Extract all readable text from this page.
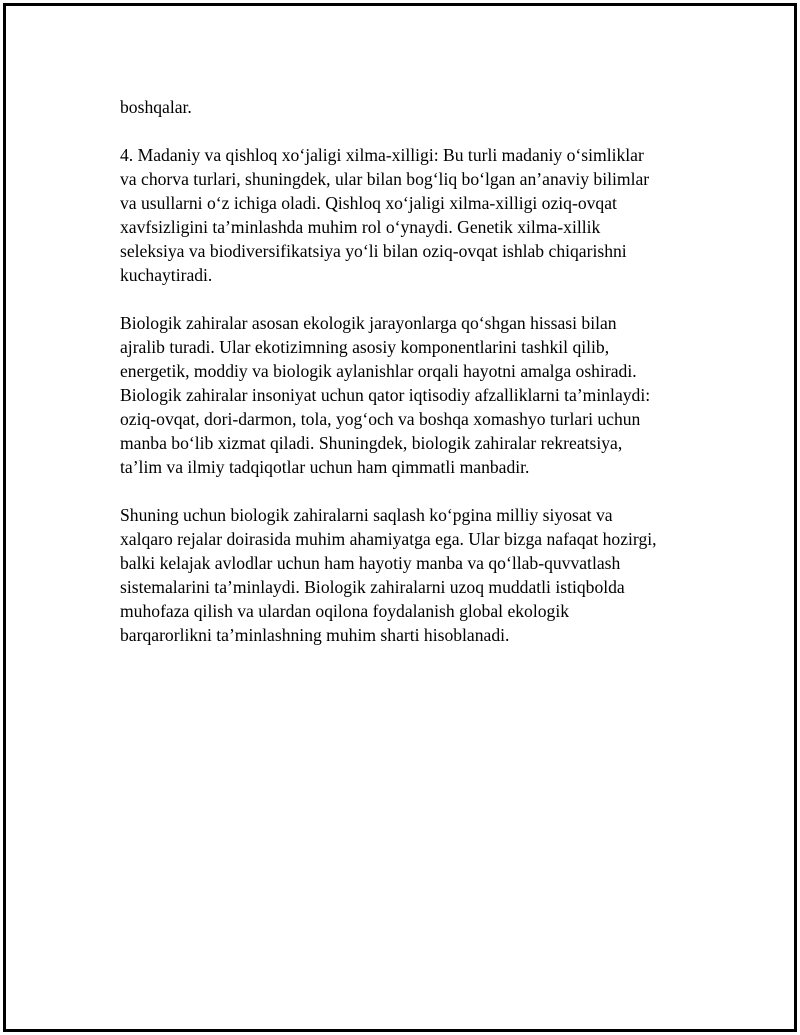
boshqalar.
4. Madaniy va qishloq xo‘jaligi xilma-xilligi: Bu turli madaniy o‘simliklar
va chorva turlari, shuningdek, ular bilan bog‘liq bo‘lgan an’anaviy bilimlar
va usullarni o‘z ichiga oladi. Qishloq xo‘jaligi xilma-xilligi oziq-ovqat
xavfsizligini ta’minlashda muhim rol o‘ynaydi. Genetik xilma-xillik
seleksiya va biodiversifikatsiya yo‘li bilan oziq-ovqat ishlab chiqarishni
kuchaytiradi.
Biologik zahiralar asosan ekologik jarayonlarga qo‘shgan hissasi bilan
ajralib turadi. Ular ekotizimning asosiy komponentlarini tashkil qilib,
energetik, moddiy va biologik aylanishlar orqali hayotni amalga oshiradi.
Biologik zahiralar insoniyat uchun qator iqtisodiy afzalliklarni ta’minlaydi:
oziq-ovqat, dori-darmon, tola, yog‘och va boshqa xomashyo turlari uchun
manba bo‘lib xizmat qiladi. Shuningdek, biologik zahiralar rekreatsiya,
ta’lim va ilmiy tadqiqotlar uchun ham qimmatli manbadir.
Shuning uchun biologik zahiralarni saqlash ko‘pgina milliy siyosat va
xalqaro rejalar doirasida muhim ahamiyatga ega. Ular bizga nafaqat hozirgi,
balki kelajak avlodlar uchun ham hayotiy manba va qo‘llab-quvvatlash
sistemalarini ta’minlaydi. Biologik zahiralarni uzoq muddatli istiqbolda
muhofaza qilish va ulardan oqilona foydalanish global ekologik
barqarorlikni ta’minlashning muhim sharti hisoblanadi.
